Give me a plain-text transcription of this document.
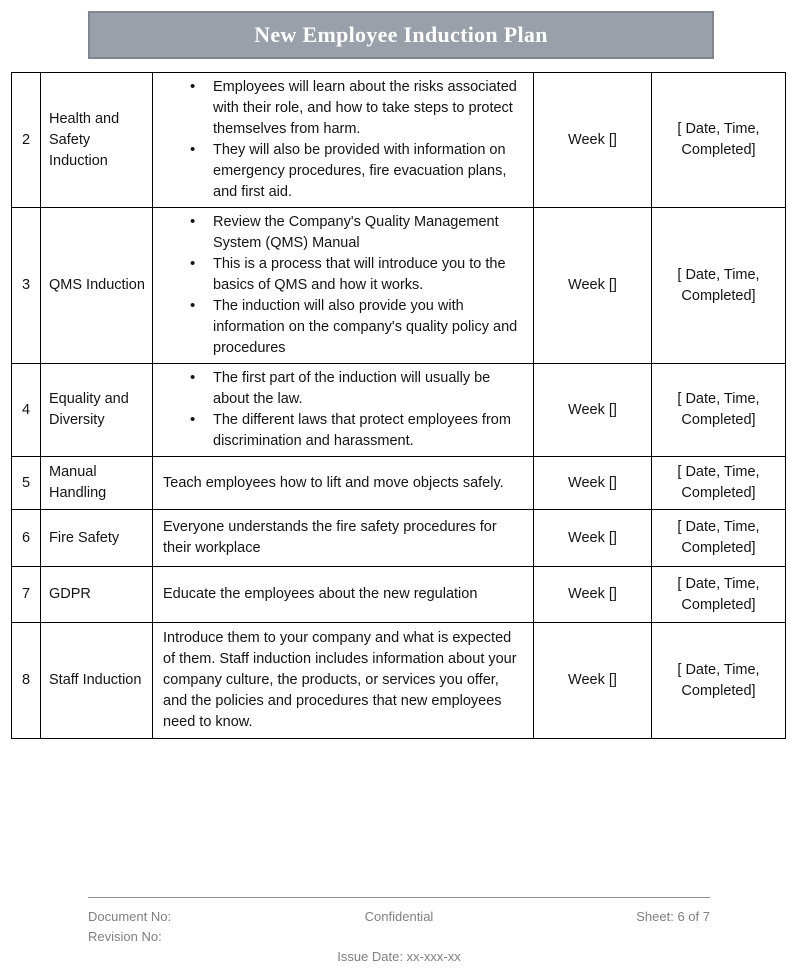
New Employee Induction Plan
2	Health and Safety Induction	
• Employees will learn about the risks associated with their role, and how to take steps to protect themselves from harm.
• They will also be provided with information on emergency procedures, fire evacuation plans, and first aid.
	Week []	[ Date, Time, Completed]
3	QMS Induction	
• Review the Company's Quality Management System (QMS) Manual
• This is a process that will introduce you to the basics of QMS and how it works.
• The induction will also provide you with information on the company's quality policy and procedures
	Week []	[ Date, Time, Completed]
4	Equality and Diversity	
• The first part of the induction will usually be about the law.
• The different laws that protect employees from discrimination and harassment.
	Week []	[ Date, Time, Completed]
5	Manual Handling	Teach employees how to lift and move objects safely.	Week []	[ Date, Time, Completed]
6	Fire Safety	Everyone understands the fire safety procedures for their workplace	Week []	[ Date, Time, Completed]
7	GDPR	Educate the employees about the new regulation	Week []	[ Date, Time, Completed]
8	Staff Induction	Introduce them to your company and what is expected of them. Staff induction includes information about your company culture, the products, or services you offer, and the policies and procedures that new employees need to know.	Week []	[ Date, Time, Completed]
Document No:
Revision No:
Confidential
Issue Date: xx-xxx-xx
Sheet: 6 of 7
